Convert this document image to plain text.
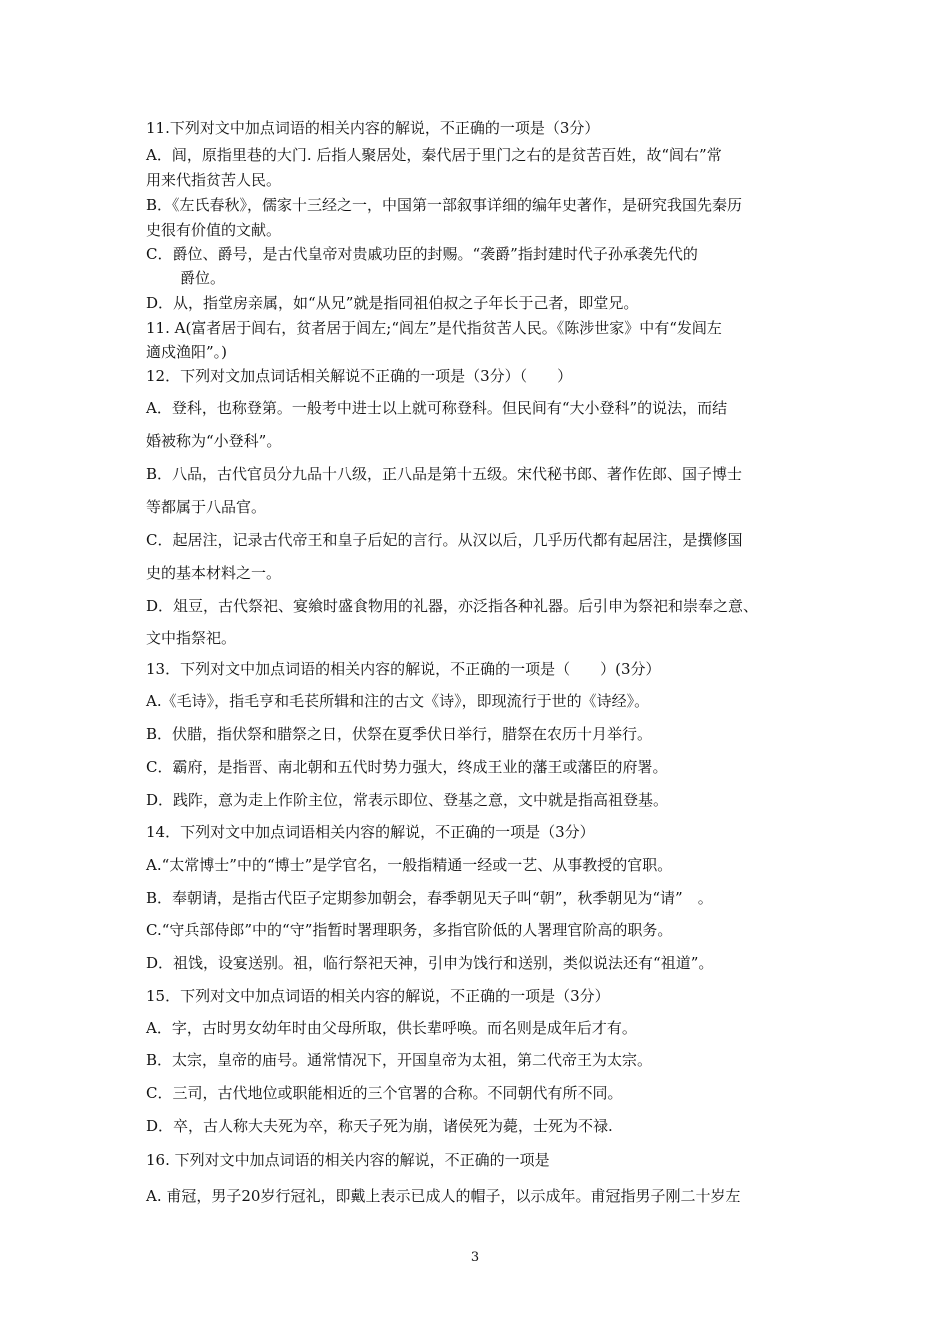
11.下列对文中加点词语的相关内容的解说，不正确的一项是（3分）
A．闾，原指里巷的大门. 后指人聚居处，秦代居于里门之右的是贫苦百姓，故“闾右”常
用来代指贫苦人民。
B．《左氏春秋》，儒家十三经之一，中国第一部叙事详细的编年史著作，是研究我国先秦历
史很有价值的文献。
C．爵位、爵号，是古代皇帝对贵戚功臣的封赐。“袭爵”指封建时代子孙承袭先代的
爵位。
D．从，指堂房亲属，如“从兄”就是指同祖伯叔之子年长于己者，即堂兄。
11. A(富者居于闾右，贫者居于闾左;“闾左”是代指贫苦人民。《陈涉世家》中有“发闾左
適戍渔阳”。)
12．下列对文加点词话相关解说不正确的一项是（3分）（　　）
A．登科，也称登第。一般考中进士以上就可称登科。但民间有“大小登科”的说法，而结
婚被称为“小登科”。
B．八品，古代官员分九品十八级，正八品是第十五级。宋代秘书郎、著作佐郎、国子博士
等都属于八品官。
C．起居注，记录古代帝王和皇子后妃的言行。从汉以后，几乎历代都有起居注，是撰修国
史的基本材料之一。
D．俎豆，古代祭祀、宴飨时盛食物用的礼器，亦泛指各种礼器。后引申为祭祀和崇奉之意、
文中指祭祀。
13．下列对文中加点词语的相关内容的解说，不正确的一项是（　　）(3分）
A.《毛诗》，指毛亨和毛苌所辑和注的古文《诗》，即现流行于世的《诗经》。
B．伏腊，指伏祭和腊祭之日，伏祭在夏季伏日举行，腊祭在农历十月举行。
C．霸府，是指晋、南北朝和五代时势力强大，终成王业的藩王或藩臣的府署。
D．践阼，意为走上作阶主位，常表示即位、登基之意，文中就是指高祖登基。
14．下列对文中加点词语相关内容的解说，不正确的一项是（3分）
A.“太常博士”中的“博士”是学官名，一般指精通一经或一艺、从事教授的官职。
B．奉朝请，是指古代臣子定期参加朝会，春季朝见天子叫“朝”，秋季朝见为“请”　。
C.“守兵部侍郎”中的“守”指暂时署理职务，多指官阶低的人署理官阶高的职务。
D．祖饯，设宴送别。祖，临行祭祀天神，引申为饯行和送别，类似说法还有“祖道”。
15．下列对文中加点词语的相关内容的解说，不正确的一项是（3分）
A．字，古时男女幼年时由父母所取，供长辈呼唤。而名则是成年后才有。
B．太宗，皇帝的庙号。通常情况下，开国皇帝为太祖，第二代帝王为太宗。
C．三司，古代地位或职能相近的三个官署的合称。不同朝代有所不同。
D．卒，古人称大夫死为卒，称天子死为崩，诸侯死为薨，士死为不禄.
16. 下列对文中加点词语的相关内容的解说，不正确的一项是
A. 甫冠，男子20岁行冠礼，即戴上表示已成人的帽子，以示成年。甫冠指男子刚二十岁左
3
